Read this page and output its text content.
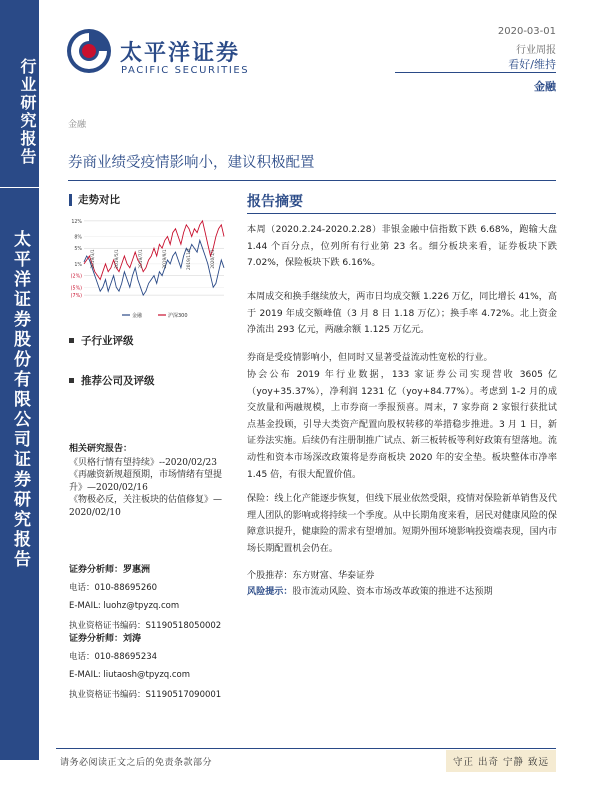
行业研究报告
太平洋证券股份有限公司证券研究报告
太平洋证券
PACIFIC SECURITIES
2020-03-01
行业周报
看好/维持
金融
金融
券商业绩受疫情影响小，建议积极配置
走势对比
12%
5%
(2%)
(7%)
8%
1%
(5%)
2019/3/1	2019/5/1	2019/7/1	2019/9/1	2019/11/1	2020/1/1
金融	沪深300
子行业评级
推荐公司及评级
相关研究报告：
《贝格行情有望持续》--2020/02/23
《再融资新规超预期，市场情绪有望提升》—2020/02/16
《物极必反，关注板块的估值修复》—2020/02/10
证券分析师：罗惠洲
电话：010-88695260
E-MAIL: luohz@tpyzq.com
执业资格证书编码：S1190518050002
证券分析师：刘涛
电话：010-88695234
E-MAIL: liutaosh@tpyzq.com
执业资格证书编码：S1190517090001
报告摘要
本周（2020.2.24-2020.2.28）非银金融中信指数下跌 6.68%，跑输大盘 1.44 个百分点，位列所有行业第 23 名。细分板块来看，证券板块下跌 7.02%，保险板块下跌 6.16%。
本周成交和换手继续放大，两市日均成交额 1.226 万亿，同比增长 41%，高于 2019 年成交额峰值（3 月 8 日 1.18 万亿）；换手率 4.72%。北上资金净流出 293 亿元，两融余额 1.125 万亿元。
券商是受疫情影响小，但同时又显著受益流动性宽松的行业。
协会公布 2019 年行业数据，133 家证券公司实现营收 3605 亿（yoy+35.37%），净利润 1231 亿（yoy+84.77%）。考虑到 1-2 月的成交放量和两融规模，上市券商一季报预喜。周末，7 家券商 2 家银行获批试点基金投顾，引导大类资产配置向股权转移的举措稳步推进。3 月 1 日，新证券法实施。后续仍有注册制推广试点、新三板转板等利好政策有望落地。流动性和资本市场深改政策将是券商板块 2020 年的安全垫。板块整体市净率 1.45 倍，有很大配置价值。
保险：线上化产能逐步恢复，但线下展业依然受限，疫情对保险新单销售及代理人团队的影响或将持续一个季度。从中长期角度来看，居民对健康风险的保障意识提升，健康险的需求有望增加。短期外围环境影响投资端表现，国内市场长期配置机会仍在。
个股推荐：东方财富、华泰证券
风险提示：股市流动风险、资本市场改革政策的推进不达预期
请务必阅读正文之后的免责条款部分	守正 出奇 宁静 致远
